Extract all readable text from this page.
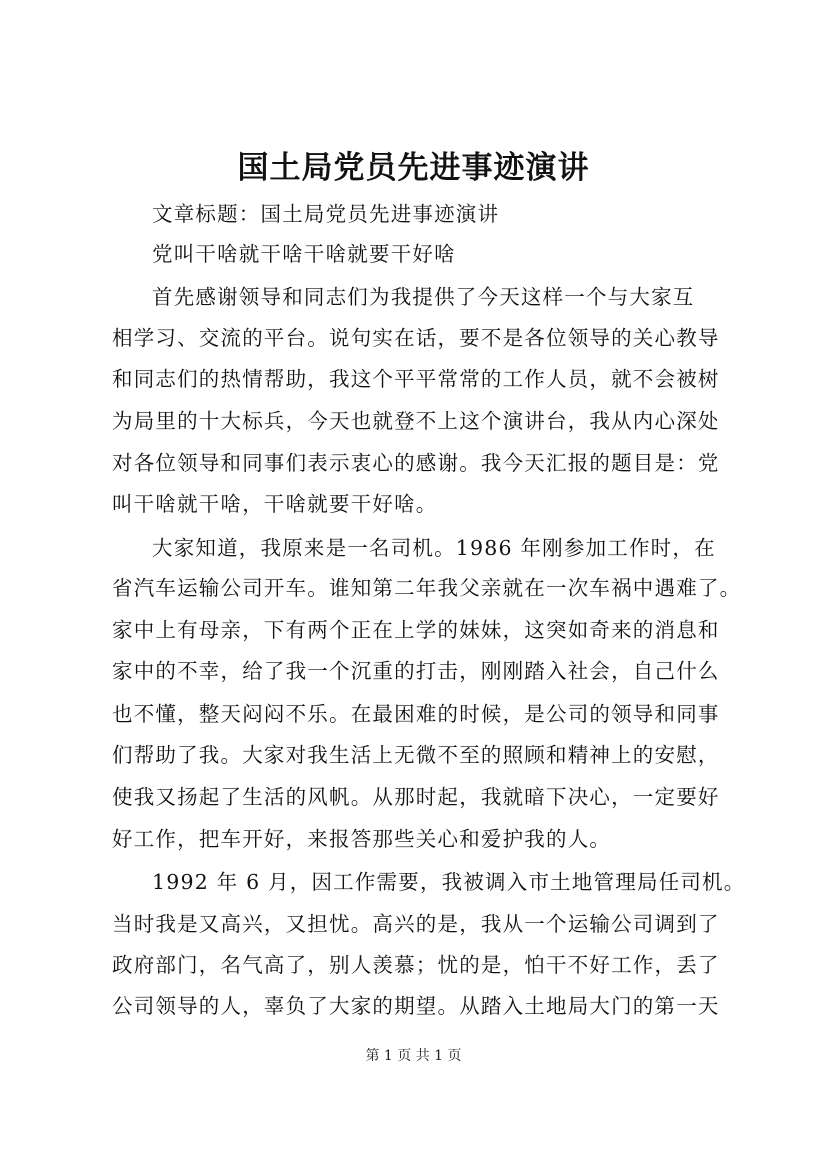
国土局党员先进事迹演讲
文章标题：国土局党员先进事迹演讲
党叫干啥就干啥干啥就要干好啥
首先感谢领导和同志们为我提供了今天这样一个与大家互
相学习、交流的平台。说句实在话，要不是各位领导的关心教导
和同志们的热情帮助，我这个平平常常的工作人员，就不会被树
为局里的十大标兵，今天也就登不上这个演讲台，我从内心深处
对各位领导和同事们表示衷心的感谢。我今天汇报的题目是：党
叫干啥就干啥，干啥就要干好啥。
大家知道，我原来是一名司机。1986 年刚参加工作时，在
省汽车运输公司开车。谁知第二年我父亲就在一次车祸中遇难了。
家中上有母亲，下有两个正在上学的妹妹，这突如奇来的消息和
家中的不幸，给了我一个沉重的打击，刚刚踏入社会，自己什么
也不懂，整天闷闷不乐。在最困难的时候，是公司的领导和同事
们帮助了我。大家对我生活上无微不至的照顾和精神上的安慰，
使我又扬起了生活的风帆。从那时起，我就暗下决心，一定要好
好工作，把车开好，来报答那些关心和爱护我的人。
1992 年 6 月，因工作需要，我被调入市土地管理局任司机。
当时我是又高兴，又担忧。高兴的是，我从一个运输公司调到了
政府部门，名气高了，别人羡慕；忧的是，怕干不好工作，丢了
公司领导的人，辜负了大家的期望。从踏入土地局大门的第一天
第 1 页 共 1 页
